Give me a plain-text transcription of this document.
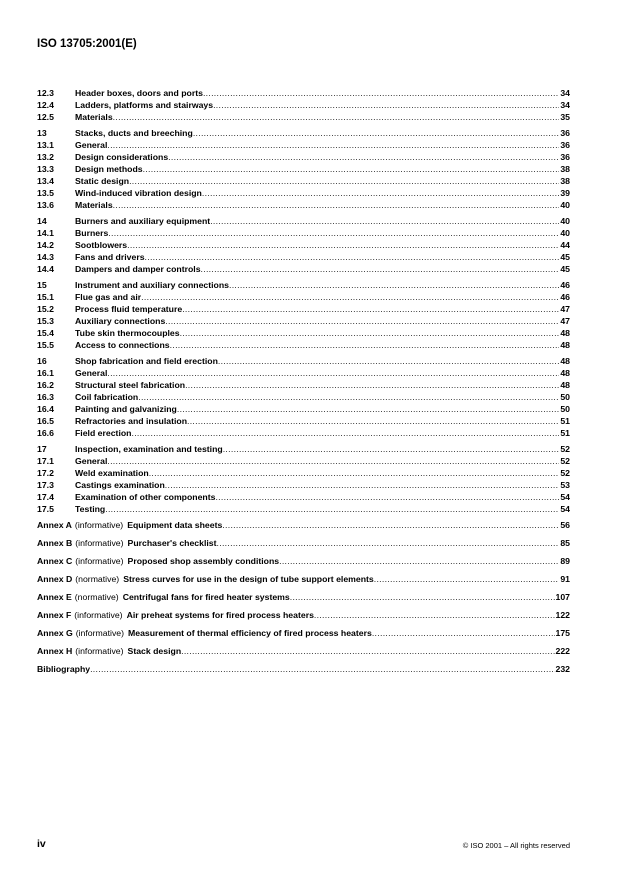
ISO 13705:2001(E)
12.3	Header boxes, doors and ports .....	34
12.4	Ladders, platforms and stairways .....	34
12.5	Materials .....	35
13	Stacks, ducts and breeching .....	36
13.1	General .....	36
13.2	Design considerations .....	36
13.3	Design methods .....	38
13.4	Static design .....	38
13.5	Wind-induced vibration design .....	39
13.6	Materials .....	40
14	Burners and auxiliary equipment .....	40
14.1	Burners .....	40
14.2	Sootblowers .....	44
14.3	Fans and drivers .....	45
14.4	Dampers and damper controls .....	45
15	Instrument and auxiliary connections .....	46
15.1	Flue gas and air .....	46
15.2	Process fluid temperature .....	47
15.3	Auxiliary connections .....	47
15.4	Tube skin thermocouples .....	48
15.5	Access to connections .....	48
16	Shop fabrication and field erection .....	48
16.1	General .....	48
16.2	Structural steel fabrication .....	48
16.3	Coil fabrication .....	50
16.4	Painting and galvanizing .....	50
16.5	Refractories and insulation .....	51
16.6	Field erection .....	51
17	Inspection, examination and testing .....	52
17.1	General .....	52
17.2	Weld examination .....	52
17.3	Castings examination .....	53
17.4	Examination of other components .....	54
17.5	Testing .....	54
Annex A (informative) Equipment data sheets .....	56
Annex B (informative) Purchaser's checklist .....	85
Annex C (informative) Proposed shop assembly conditions .....	89
Annex D (normative) Stress curves for use in the design of tube support elements .....	91
Annex E (normative) Centrifugal fans for fired heater systems .....	107
Annex F (informative) Air preheat systems for fired process heaters .....	122
Annex G (informative) Measurement of thermal efficiency of fired process heaters .....	175
Annex H (informative) Stack design .....	222
Bibliography .....	232
iv	© ISO 2001 – All rights reserved
